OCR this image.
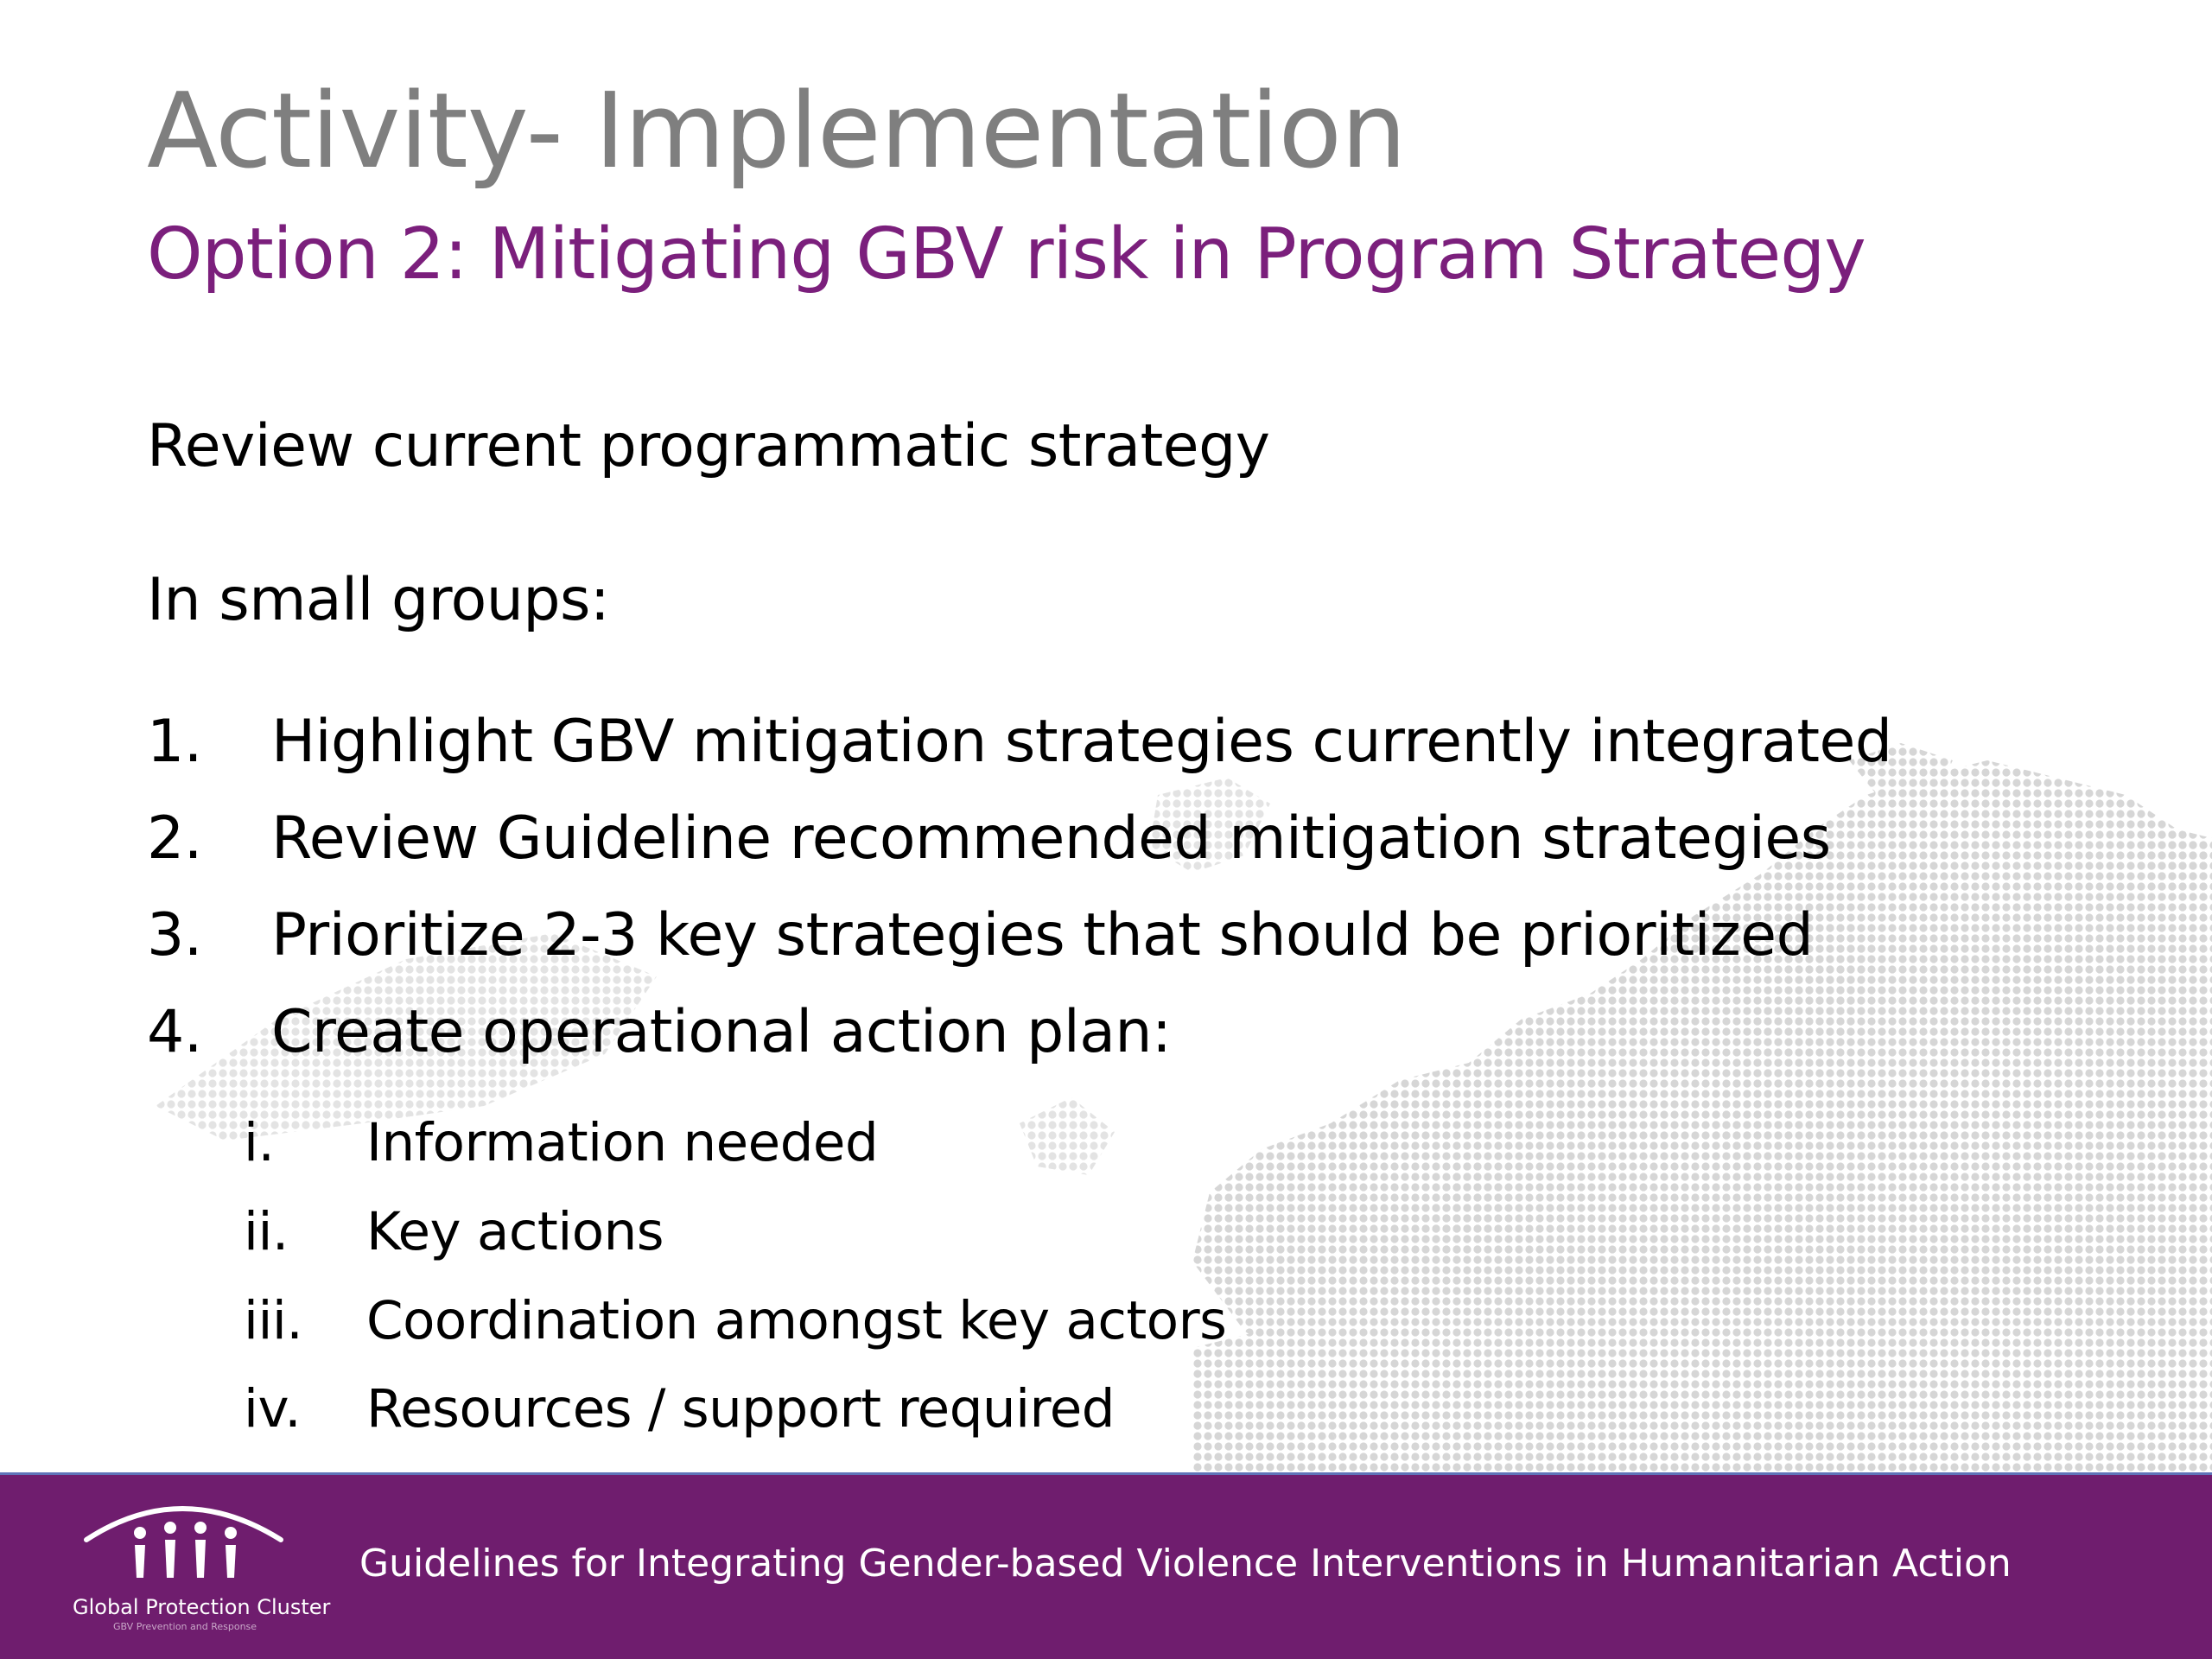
Activity- Implementation
Option 2: Mitigating GBV risk in Program Strategy
Review current programmatic strategy
In small groups:
1. Highlight GBV mitigation strategies currently integrated
2. Review Guideline recommended mitigation strategies
3. Prioritize 2-3 key strategies that should be prioritized
4. Create operational action plan:
i. Information needed
ii. Key actions
iii. Coordination amongst key actors
iv. Resources / support required
Global Protection Cluster
GBV Prevention and Response
Guidelines for Integrating Gender-based Violence Interventions in Humanitarian Action
